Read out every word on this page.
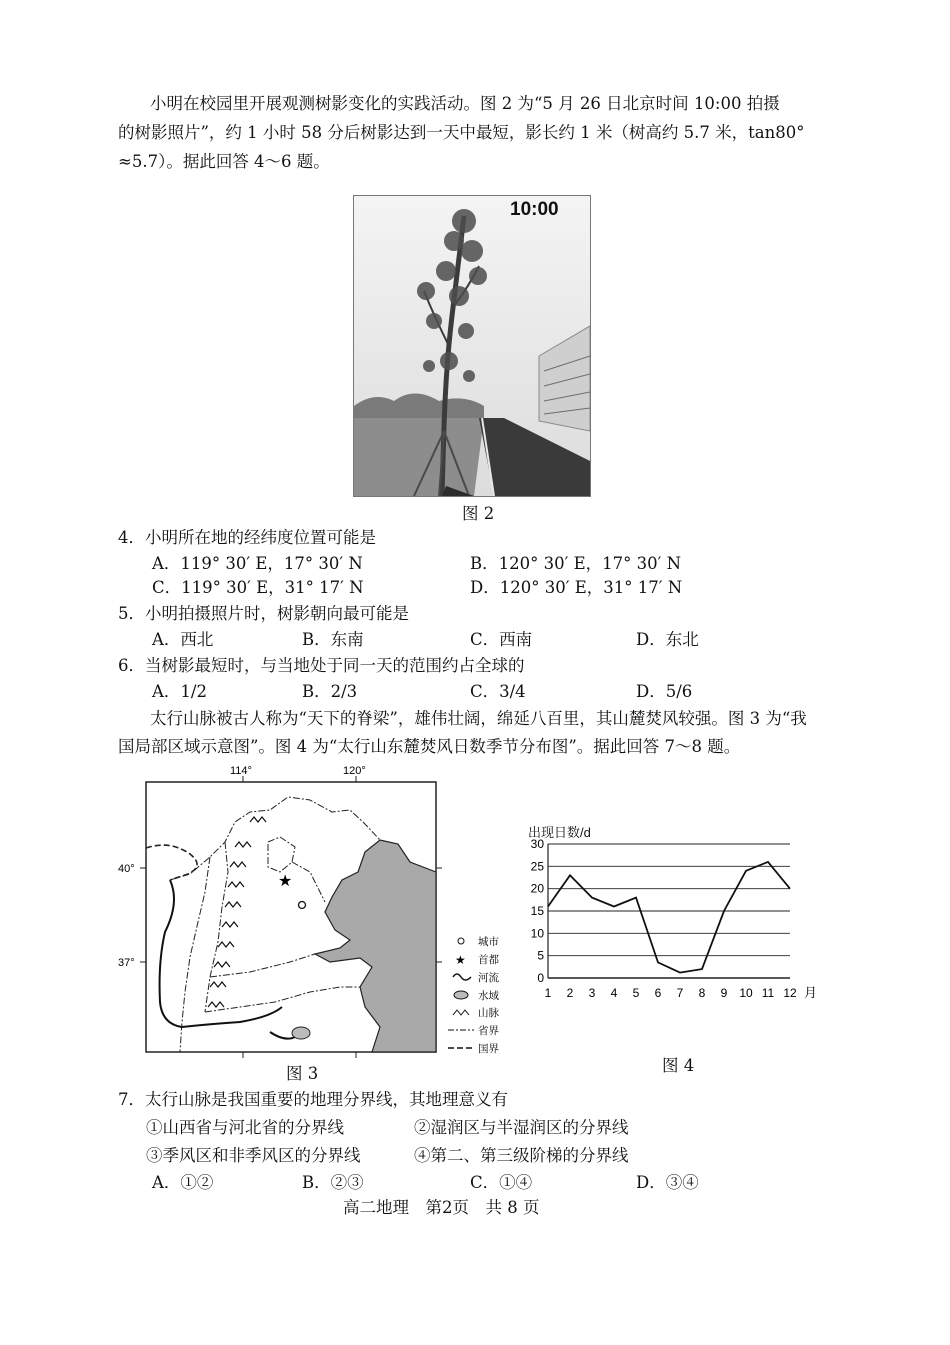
小明在校园里开展观测树影变化的实践活动。图 2 为“5 月 26 日北京时间 10:00 拍摄
的树影照片”，约 1 小时 58 分后树影达到一天中最短，影长约 1 米（树高约 5.7 米，tan80°
≈5.7）。据此回答 4～6 题。
10:00
图 2
4．小明所在地的经纬度位置可能是
A．119° 30′ E，17° 30′ N	B．120° 30′ E，17° 30′ N
C．119° 30′ E，31° 17′ N	D．120° 30′ E，31° 17′ N
5．小明拍摄照片时，树影朝向最可能是
A．西北	B．东南	C．西南	D．东北
6．当树影最短时，与当地处于同一天的范围约占全球的
A．1/2	B．2/3	C．3/4	D．5/6
太行山脉被古人称为“天下的脊梁”，雄伟壮阔，绵延八百里，其山麓焚风较强。图 3 为“我
国局部区域示意图”。图 4 为“太行山东麓焚风日数季节分布图”。据此回答 7～8 题。
114°	120°
40°
37°
★
城市
★ 首都
河流
水域
山脉
省界
国界
图 3
出现日数/d
0
5
10
15
20
25
30
1 2 3 4 5 6 7 8 9 10 11 12 月
图 4
7．太行山脉是我国重要的地理分界线，其地理意义有
①山西省与河北省的分界线	②湿润区与半湿润区的分界线
③季风区和非季风区的分界线	④第二、第三级阶梯的分界线
A．①②	B．②③	C．①④	D．③④
高二地理　第2页　共 8 页
